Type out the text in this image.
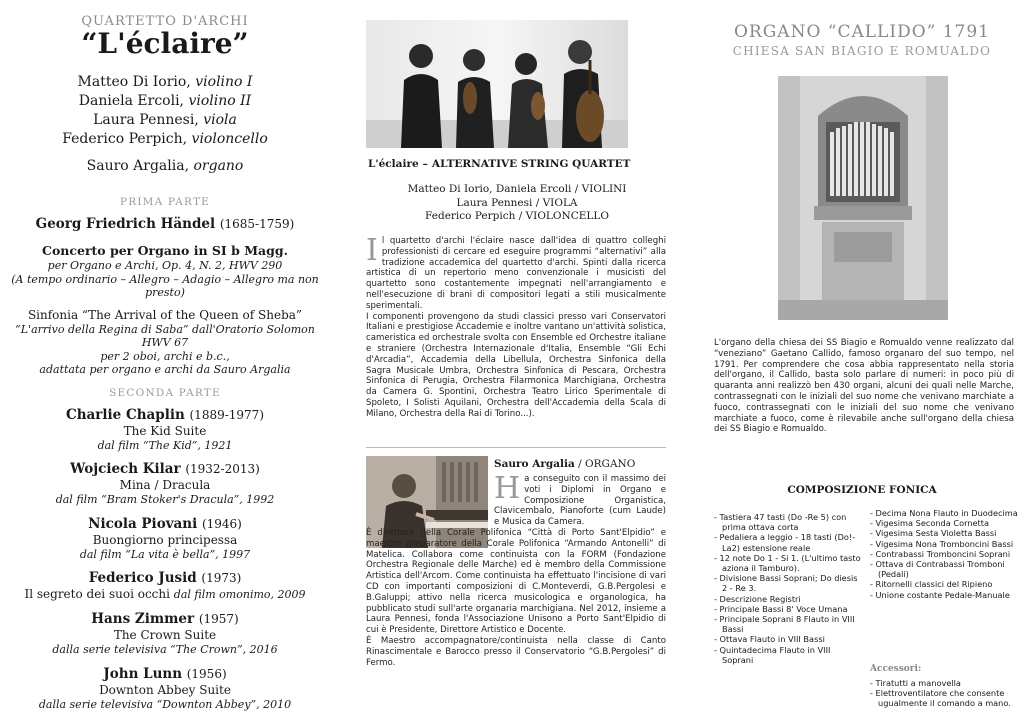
QUARTETTO D'ARCHI
“L'éclaire”
Matteo Di Iorio, violino I
Daniela Ercoli, violino II
Laura Pennesi, viola
Federico Perpich, violoncello
Sauro Argalia, organo
PRIMA PARTE
Georg Friedrich Händel (1685-1759)
Concerto per Organo in SI b Magg.
per Organo e Archi, Op. 4, N. 2, HWV 290
(A tempo ordinario – Allegro – Adagio – Allegro ma non presto)
Sinfonia “The Arrival of the Queen of Sheba”
“L'arrivo della Regina di Saba” dall'Oratorio Solomon HWV 67
per 2 oboi, archi e b.c.,
adattata per organo e archi da Sauro Argalia
SECONDA PARTE
Charlie Chaplin (1889-1977)
The Kid Suite
dal film “The Kid”, 1921
Wojciech Kilar (1932-2013)
Mina / Dracula
dal film “Bram Stoker's Dracula”, 1992
Nicola Piovani (1946)
Buongiorno principessa
dal film “La vita è bella”, 1997
Federico Jusid (1973)
Il segreto dei suoi occhi dal film omonimo, 2009
Hans Zimmer (1957)
The Crown Suite
dalla serie televisiva “The Crown”, 2016
John Lunn (1956)
Downton Abbey Suite
dalla serie televisiva “Downton Abbey”, 2010
L'éclaire – ALTERNATIVE STRING QUARTET
Matteo Di Iorio, Daniela Ercoli / VIOLINI
Laura Pennesi / VIOLA
Federico Perpich / VIOLONCELLO
Il quartetto d'archi l'éclaire nasce dall'idea di quattro colleghi professionisti di cercare ed eseguire programmi “alternativi” alla tradizione accademica del quartetto d'archi. Spinti dalla ricerca artistica di un repertorio meno convenzionale i musicisti del quartetto sono costantemente impegnati nell'arrangiamento e nell'esecuzione di brani di compositori legati a stili musicalmente sperimentali.
I componenti provengono da studi classici presso vari Conservatori Italiani e prestigiose Accademie e inoltre vantano un'attività solistica, cameristica ed orchestrale svolta con Ensemble ed Orchestre italiane e straniere (Orchestra Internazionale d'Italia, Ensemble “Gli Echi d'Arcadia”, Accademia della Libellula, Orchestra Sinfonica della Sagra Musicale Umbra, Orchestra Sinfonica di Pescara, Orchestra Sinfonica di Perugia, Orchestra Filarmonica Marchigiana, Orchestra da Camera G. Spontini, Orchestra Teatro Lirico Sperimentale di Spoleto, I Solisti Aquilani, Orchestra dell'Accademia della Scala di Milano, Orchestra della Rai di Torino...).
Sauro Argalia / ORGANO
Ha conseguito con il massimo dei voti i Diplomi in Organo e Composizione Organistica, Clavicembalo, Pianoforte (cum Laude) e Musica da Camera.
È direttore della Corale Polifonica “Città di Porto Sant'Elpidio” e maestro preparatore della Corale Polifonica “Armando Antonelli” di Matelica. Collabora come continuista con la FORM (Fondazione Orchestra Regionale delle Marche) ed è membro della Commissione Artistica dell'Arcom. Come continuista ha effettuato l'incisione di vari CD con importanti composizioni di C.Monteverdi, G.B.Pergolesi e B.Galuppi; attivo nella ricerca musicologica e organologica, ha pubblicato studi sull'arte organaria marchigiana. Nel 2012, insieme a Laura Pennesi, fonda l'Associazione Unisono a Porto Sant'Elpidio di cui è Presidente, Direttore Artistico e Docente.
È Maestro accompagnatore/continuista nella classe di Canto Rinascimentale e Barocco presso il Conservatorio “G.B.Pergolesi” di Fermo.
ORGANO “CALLIDO” 1791
CHIESA SAN BIAGIO E ROMUALDO
L'organo della chiesa dei SS Biagio e Romualdo venne realizzato dal “veneziano” Gaetano Callido, famoso organaro del suo tempo, nel 1791. Per comprendere che cosa abbia rappresentato nella storia dell'organo, il Callido, basta solo parlare di numeri: in poco più di quaranta anni realizzò ben 430 organi, alcuni dei quali nelle Marche, contrassegnati con le iniziali del suo nome che venivano marchiate a fuoco, contrassegnati con le iniziali del suo nome che venivano marchiate a fuoco, come è rilevabile anche sull'organo della chiesa dei SS Biagio e Romualdo.
COMPOSIZIONE FONICA
- Tastiera 47 tasti (Do -Re 5) con prima ottava corta
- Pedaliera a leggio - 18 tasti (Do!-La2) estensione reale
- 12 note Do 1 - Si 1. (L'ultimo tasto aziona il Tamburo).
- Divisione Bassi Soprani; Do diesis 2 - Re 3.
- Descrizione Registri
- Principale Bassi 8' Voce Umana
- Principale Soprani 8 Flauto in VIII Bassi
- Ottava Flauto in VIII Bassi
- Quintadecima Flauto in VIII Soprani
- Decima Nona Flauto in Duodecima
- Vigesima Seconda Cornetta
- Vigesima Sesta Violetta Bassi
- Vigesima Nona Tromboncini Bassi
- Contrabassi Tromboncini Soprani
- Ottava di Contrabassi Tromboni (Pedali)
- Ritornelli classici del Ripieno
- Unione costante Pedale-Manuale
Accessori:
- Tiratutti a manovella
- Elettroventilatore che consente ugualmente il comando a mano.
